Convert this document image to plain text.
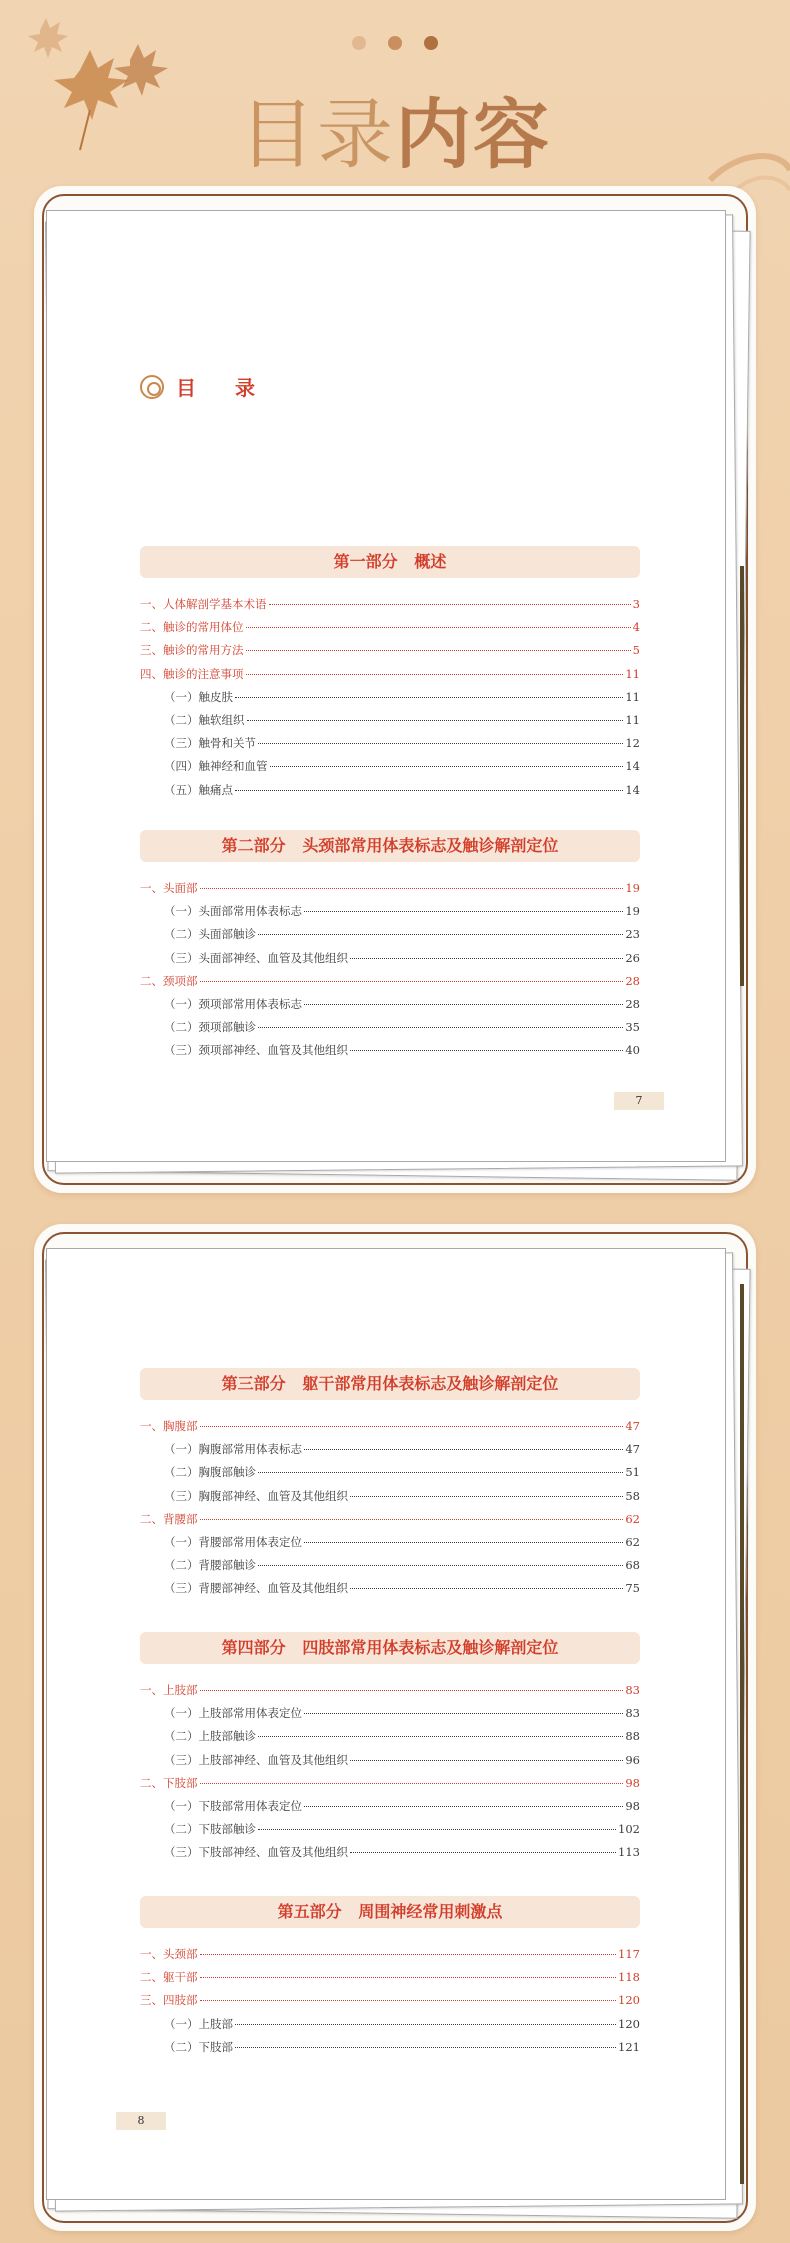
目录内容
目 录
第一部分   概述
一、人体解剖学基本术语	3
二、触诊的常用体位	4
三、触诊的常用方法	5
四、触诊的注意事项	11
（一）触皮肤	11
（二）触软组织	11
（三）触骨和关节	12
（四）触神经和血管	14
（五）触痛点	14
第二部分   头颈部常用体表标志及触诊解剖定位
一、头面部	19
（一）头面部常用体表标志	19
（二）头面部触诊	23
（三）头面部神经、血管及其他组织	26
二、颈项部	28
（一）颈项部常用体表标志	28
（二）颈项部触诊	35
（三）颈项部神经、血管及其他组织	40
7
第三部分   躯干部常用体表标志及触诊解剖定位
一、胸腹部	47
（一）胸腹部常用体表标志	47
（二）胸腹部触诊	51
（三）胸腹部神经、血管及其他组织	58
二、背腰部	62
（一）背腰部常用体表定位	62
（二）背腰部触诊	68
（三）背腰部神经、血管及其他组织	75
第四部分   四肢部常用体表标志及触诊解剖定位
一、上肢部	83
（一）上肢部常用体表定位	83
（二）上肢部触诊	88
（三）上肢部神经、血管及其他组织	96
二、下肢部	98
（一）下肢部常用体表定位	98
（二）下肢部触诊	102
（三）下肢部神经、血管及其他组织	113
第五部分   周围神经常用刺激点
一、头颈部	117
二、躯干部	118
三、四肢部	120
（一）上肢部	120
（二）下肢部	121
8
